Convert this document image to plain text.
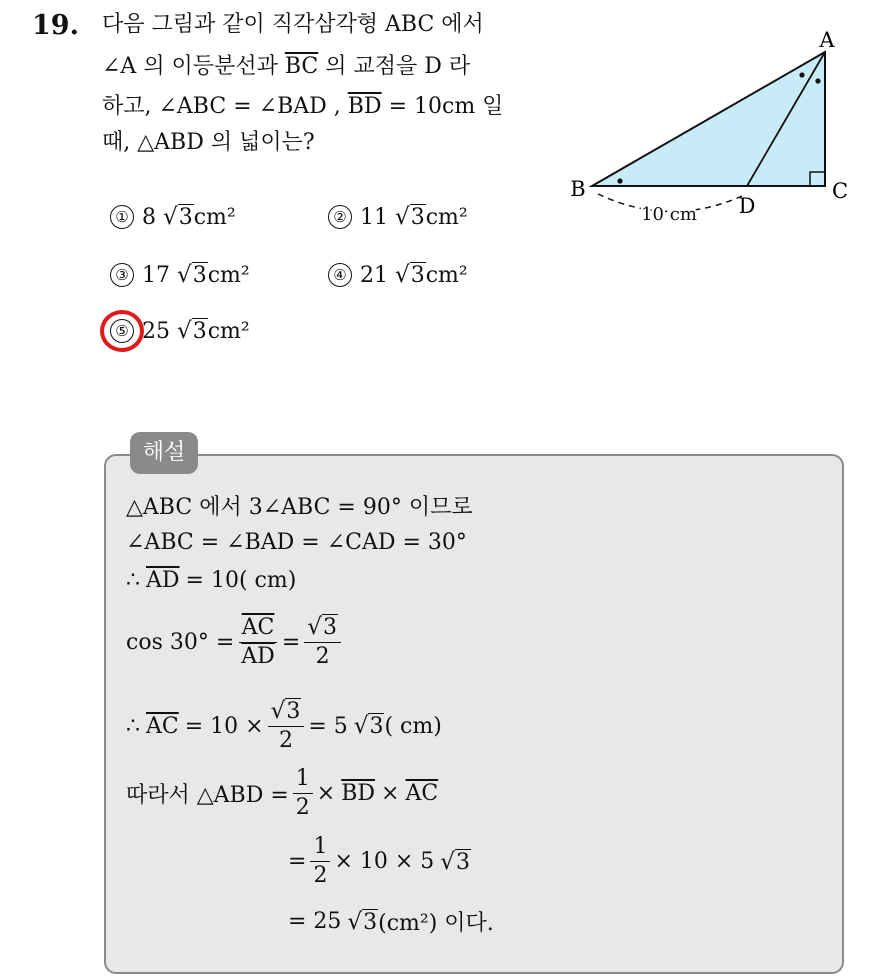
19. 다음 그림과 같이 직각삼각형 ABC 에서
∠A 의 이등분선과 $\overline{BC}$ 의 교점을 D 라
하고, ∠ABC = ∠BAD , $\overline{BD} = 10cm$ 일
때, △ABD 의 넓이는?
A
B	C
D
10 cm
① 8 √3cm²	② 11 √3cm²
③ 17 √3cm²	④ 21 √3cm²
⑤ 25 √3cm²
해설
△ABC 에서 3∠ABC = 90° 이므로
∠ABC = ∠BAD = ∠CAD = 30°
∴ $\overline{AD} = 10$( cm)
$\cos 30^\circ = \frac{\overline{AC}}{AD} = \frac{√3}{2}$
∴ $\overline{AC} = 10 \times \frac{√3}{2} = 5$ √3 ( cm)
따라서 △ABD = $\frac{1}{2} \times \overline{BD} \times \overline{AC}$
= $\frac{1}{2} \times 10 \times 5$ √3
= 25 √3 (cm²) 이다.
